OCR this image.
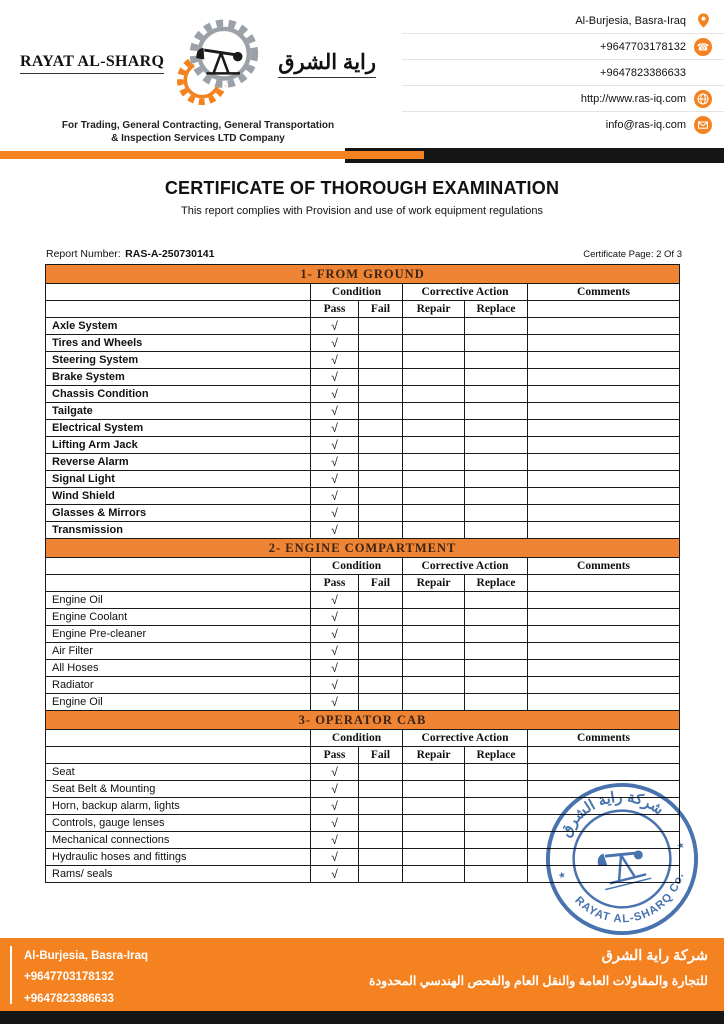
RAYAT AL-SHARQ	راية الشرق
For Trading, General Contracting, General Transportation
& Inspection Services LTD Company
Al-Burjesia, Basra-Iraq
+9647703178132 ☎
+9647823386633
http://www.ras-iq.com
info@ras-iq.com
CERTIFICATE OF THOROUGH EXAMINATION
This report complies with Provision and use of work equipment regulations
Report Number: RAS-A-250730141	Certificate Page: 2 Of 3
1- FROM GROUND					
	Condition		Corrective Action		Comments
	Pass	Fail	Repair	Replace	
Axle System	√				
Tires and Wheels	√				
Steering System	√				
Brake System	√				
Chassis Condition	√				
Tailgate	√				
Electrical System	√				
Lifting Arm Jack	√				
Reverse Alarm	√				
Signal Light	√				
Wind Shield	√				
Glasses & Mirrors	√				
Transmission	√				
2- ENGINE COMPARTMENT					
	Condition		Corrective Action		Comments
	Pass	Fail	Repair	Replace	
Engine Oil	√				
Engine Coolant	√				
Engine Pre-cleaner	√				
Air Filter	√				
All Hoses	√				
Radiator	√				
Engine Oil	√				
3- OPERATOR CAB					
	Condition		Corrective Action		Comments
	Pass	Fail	Repair	Replace	
Seat	√				
Seat Belt & Mounting	√				
Horn, backup alarm, lights	√				
Controls, gauge lenses	√				
Mechanical connections	√				
Hydraulic hoses and fittings	√				
Rams/ seals	√				
شركة راية الشرق
RAYAT AL-SHARQ Co.
★
★
Al-Burjesia, Basra-Iraq
+9647703178132
+9647823386633
شركة راية الشرق
للتجارة والمقاولات العامة والنقل العام والفحص الهندسي المحدودة
